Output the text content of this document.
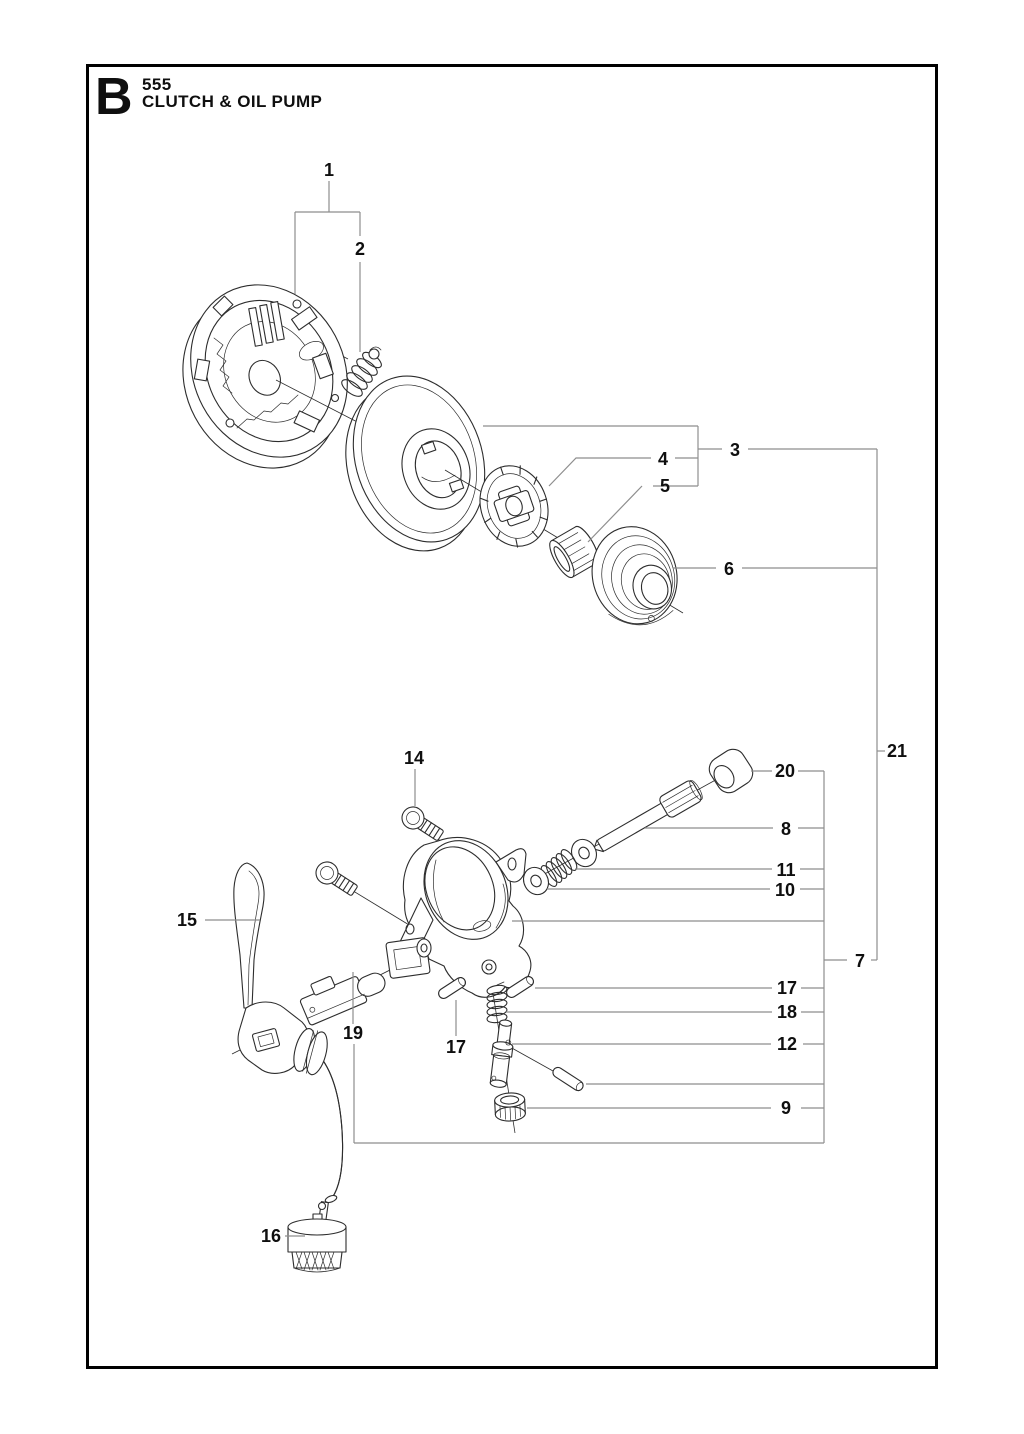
B 555
CLUTCH & OIL PUMP
1
2
3
4
5
6
7
8
9
10
11
12
14
15
16
17
17
18
19
20
21
